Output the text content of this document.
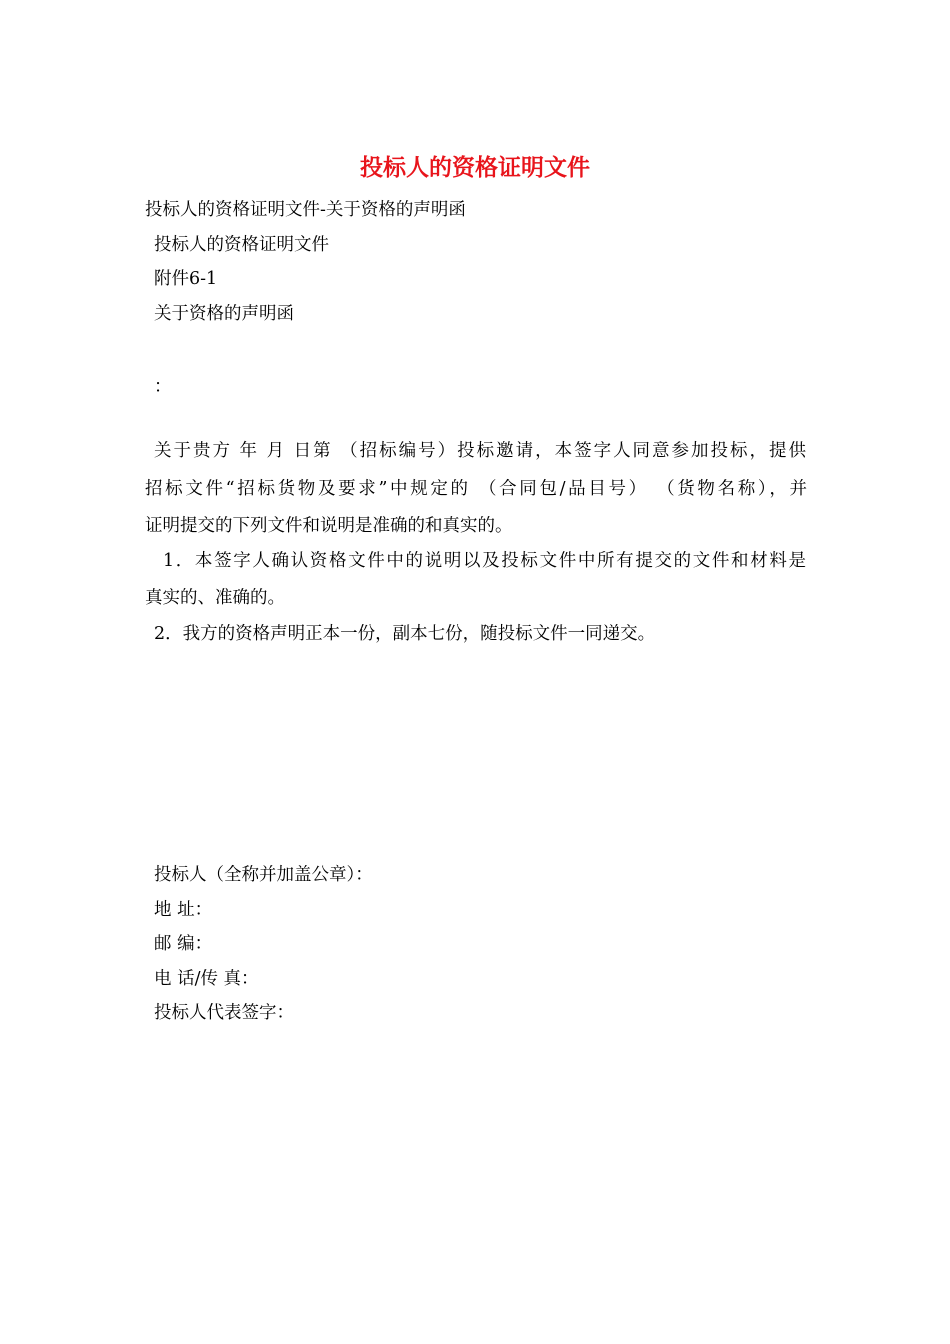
投标人的资格证明文件
投标人的资格证明文件-关于资格的声明函
投标人的资格证明文件
附件6-1
关于资格的声明函
：
关于贵方 年 月 日第 （招标编号）投标邀请，本签字人同意参加投标，提供
招标文件“招标货物及要求”中规定的 （合同包/品目号） （货物名称），并
证明提交的下列文件和说明是准确的和真实的。
1．本签字人确认资格文件中的说明以及投标文件中所有提交的文件和材料是
真实的、准确的。
2．我方的资格声明正本一份，副本七份，随投标文件一同递交。
投标人（全称并加盖公章）：
地 址：
邮 编：
电 话/传 真：
投标人代表签字：
